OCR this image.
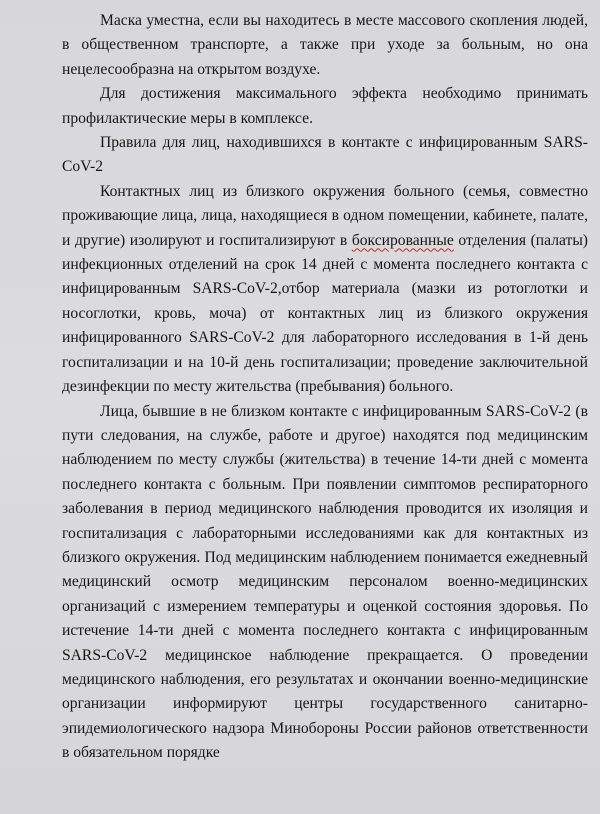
Маска уместна, если вы находитесь в месте массового скопления людей, в общественном транспорте, а также при уходе за больным, но она нецелесообразна на открытом воздухе.

Для достижения максимального эффекта необходимо принимать профилактические меры в комплексе.

Правила для лиц, находившихся в контакте с инфицированным SARS-CoV-2

Контактных лиц из близкого окружения больного (семья, совместно проживающие лица, лица, находящиеся в одном помещении, кабинете, палате, и другие) изолируют и госпитализируют в боксированные отделения (палаты) инфекционных отделений на срок 14 дней с момента последнего контакта с инфицированным SARS-CoV-2,отбор материала (мазки из ротоглотки и носоглотки, кровь, моча) от контактных лиц из близкого окружения инфицированного SARS-CoV-2 для лабораторного исследования в 1-й день госпитализации и на 10-й день госпитализации; проведение заключительной дезинфекции по месту жительства (пребывания) больного.

Лица, бывшие в не близком контакте с инфицированным SARS-CoV-2 (в пути следования, на службе, работе и другое) находятся под медицинским наблюдением по месту службы (жительства) в течение 14-ти дней с момента последнего контакта с больным. При появлении симптомов респираторного заболевания в период медицинского наблюдения проводится их изоляция и госпитализация с лабораторными исследованиями как для контактных из близкого окружения. Под медицинским наблюдением понимается ежедневный медицинский осмотр медицинским персоналом военно-медицинских организаций с измерением температуры и оценкой состояния здоровья. По истечение 14-ти дней с момента последнего контакта с инфицированным SARS-CoV-2 медицинское наблюдение прекращается. О проведении медицинского наблюдения, его результатах и окончании военно-медицинские организации информируют центры государственного санитарно-эпидемиологического надзора Минобороны России районов ответственности в обязательном порядке
